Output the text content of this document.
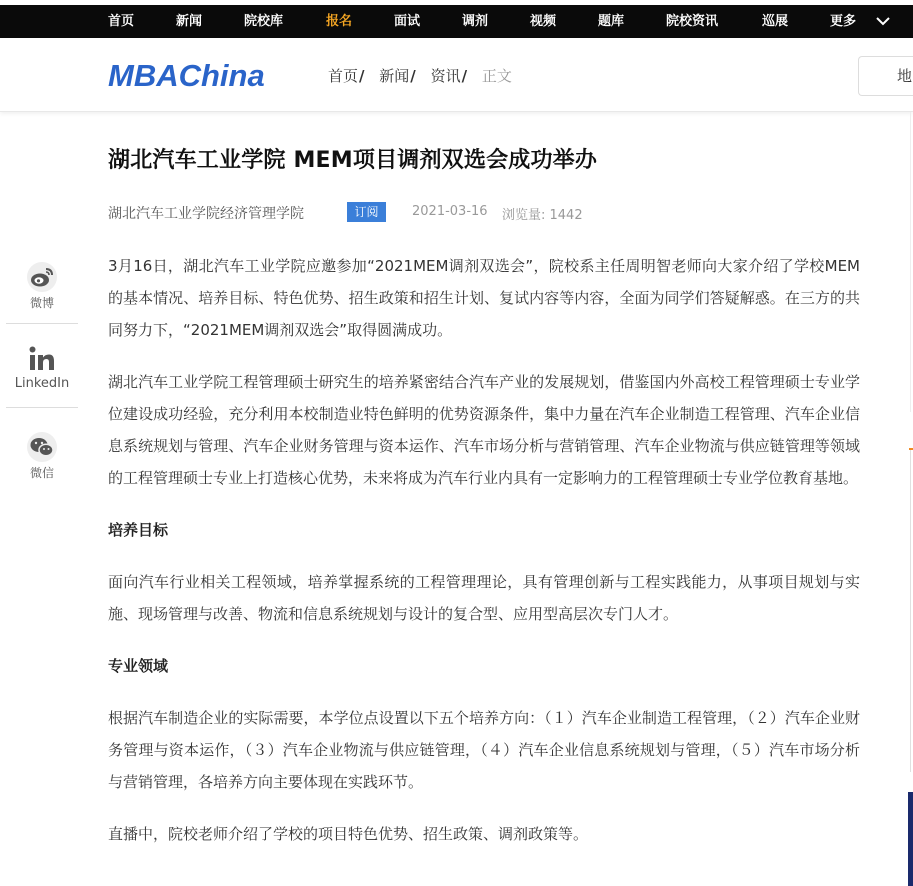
首页	新闻	院校库	报名	面试	调剂	视频	题库	院校资讯	巡展	更多
MBAChina	首页/ 新闻/ 资讯/ 正文	地
微博
LinkedIn
微信
湖北汽车工业学院 MEM项目调剂双选会成功举办
湖北汽车工业学院经济管理学院	订阅	2021-03-16 浏览量: 1442

3月16日，湖北汽车工业学院应邀参加“2021MEM调剂双选会”，院校系主任周明智老师向大家介绍了学校MEM的基本情况、培养目标、特色优势、招生政策和招生计划、复试内容等内容，全面为同学们答疑解惑。在三方的共同努力下，“2021MEM调剂双选会”取得圆满成功。

湖北汽车工业学院工程管理硕士研究生的培养紧密结合汽车产业的发展规划，借鉴国内外高校工程管理硕士专业学位建设成功经验，充分利用本校制造业特色鲜明的优势资源条件，集中力量在汽车企业制造工程管理、汽车企业信息系统规划与管理、汽车企业财务管理与资本运作、汽车市场分析与营销管理、汽车企业物流与供应链管理等领域的工程管理硕士专业上打造核心优势，未来将成为汽车行业内具有一定影响力的工程管理硕士专业学位教育基地。

培养目标

面向汽车行业相关工程领域，培养掌握系统的工程管理理论，具有管理创新与工程实践能力，从事项目规划与实施、现场管理与改善、物流和信息系统规划与设计的复合型、应用型高层次专门人才。

专业领域

根据汽车制造企业的实际需要，本学位点设置以下五个培养方向：（１）汽车企业制造工程管理，（２）汽车企业财务管理与资本运作，（３）汽车企业物流与供应链管理，（４）汽车企业信息系统规划与管理，（５）汽车市场分析与营销管理，各培养方向主要体现在实践环节。

直播中，院校老师介绍了学校的项目特色优势、招生政策、调剂政策等。
